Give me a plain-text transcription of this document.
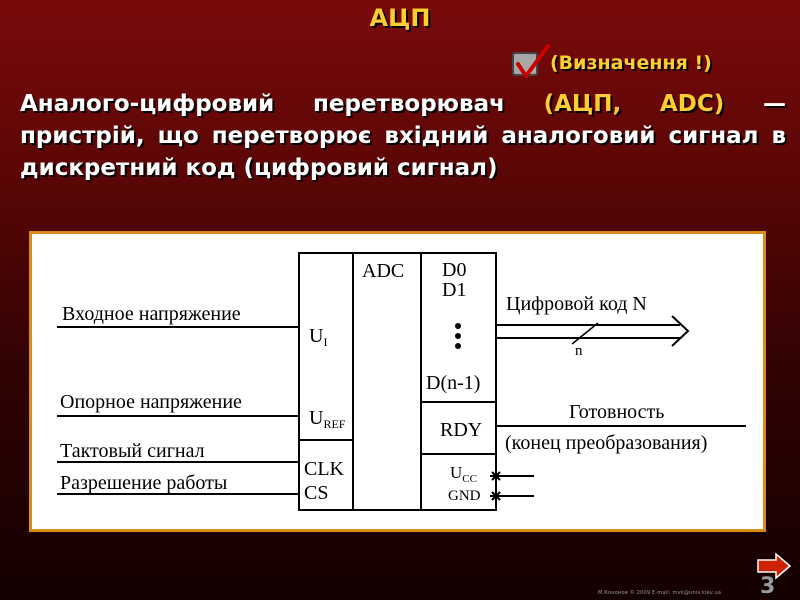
АЦП
(Визначення !)
Аналого-цифровий перетворювач (АЦП, ADC) — пристрій, що перетворює вхідний аналоговий сигнал в дискретний код (цифровий сигнал)
ADC
Входное напряжение
Опорное напряжение
Тактовый сигнал
Разрешение работы
$U_I$
$U_{REF}$
CLK
CS
D0
D1
D(n-1)
RDY
$U_{CC}$
GND
Цифровой код N
n
Готовность
(конец преобразования)
3
М.Кононов © 2009 E-mail: mvk@univ.kiev.ua
